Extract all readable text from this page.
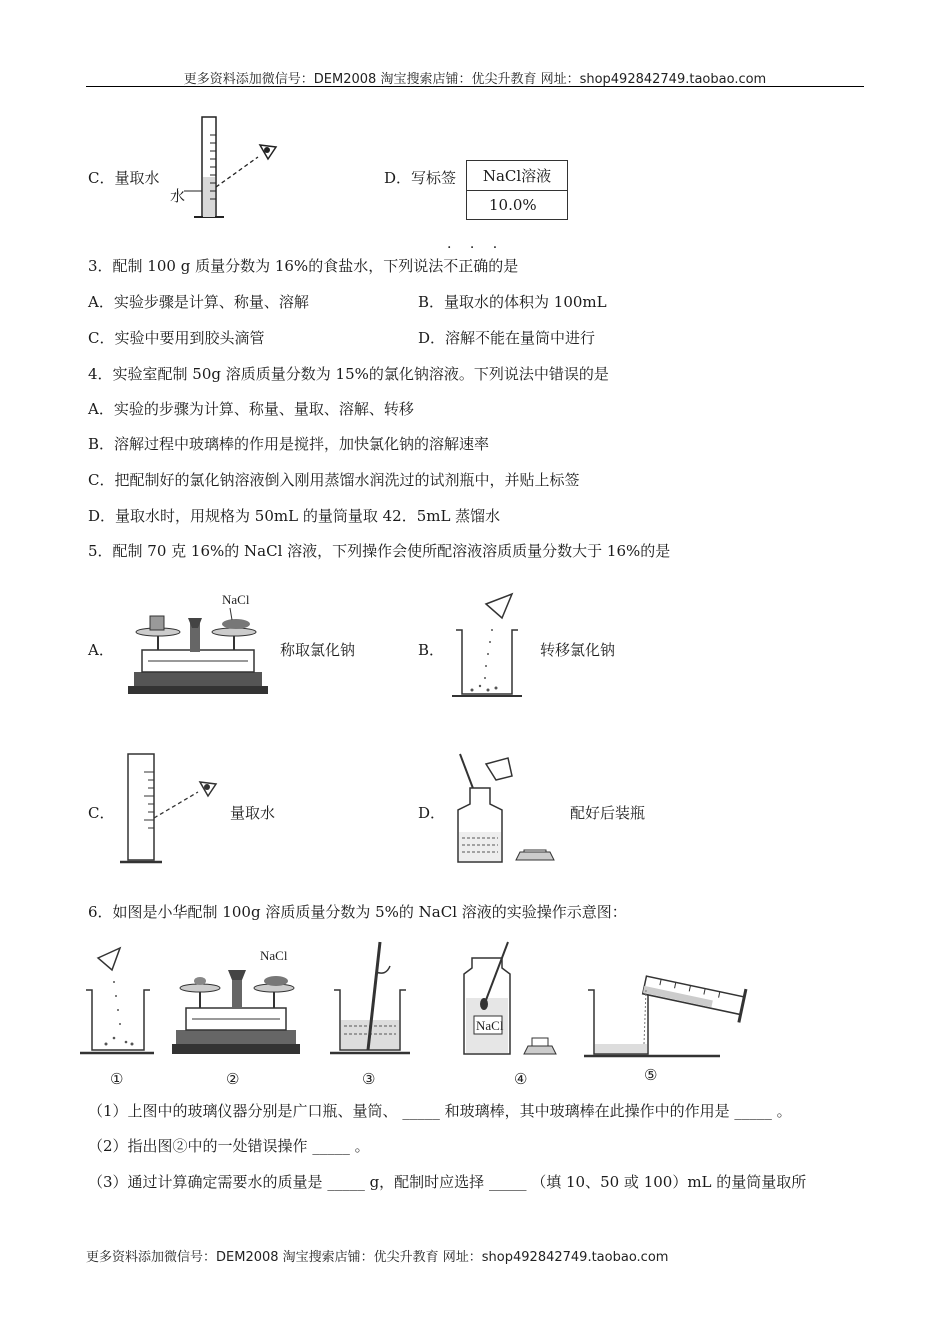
更多资料添加微信号：DEM2008 淘宝搜索店铺：优尖升教育 网址：shop492842749.taobao.com
C．量取水
水
D．写标签	NaCl溶液
10.0%
· · ·
3．配制 100 g 质量分数为 16%的食盐水，下列说法不正确的是
A．实验步骤是计算、称量、溶解	B．量取水的体积为 100mL
C．实验中要用到胶头滴管	D．溶解不能在量筒中进行
4．实验室配制 50g 溶质质量分数为 15%的氯化钠溶液。下列说法中错误的是
A．实验的步骤为计算、称量、量取、溶解、转移
B．溶解过程中玻璃棒的作用是搅拌，加快氯化钠的溶解速率
C．把配制好的氯化钠溶液倒入刚用蒸馏水润洗过的试剂瓶中，并贴上标签
D．量取水时，用规格为 50mL 的量筒量取 42．5mL 蒸馏水
5．配制 70 克 16%的 NaCl 溶液，下列操作会使所配溶液溶质质量分数大于 16%的是
A．
NaCl
称取氯化钠	B．	转移氯化钠
C．	量取水	D．	配好后装瓶
6．如图是小华配制 100g 溶质质量分数为 5%的 NaCl 溶液的实验操作示意图：
①
NaCl
②	③
NaCl
④	⑤
（1）上图中的玻璃仪器分别是广口瓶、量筒、 _____ 和玻璃棒，其中玻璃棒在此操作中的作用是 _____ 。
（2）指出图②中的一处错误操作 _____ 。
（3）通过计算确定需要水的质量是 _____ g，配制时应选择 _____ （填 10、50 或 100）mL 的量筒量取所
更多资料添加微信号：DEM2008 淘宝搜索店铺：优尖升教育 网址：shop492842749.taobao.com
